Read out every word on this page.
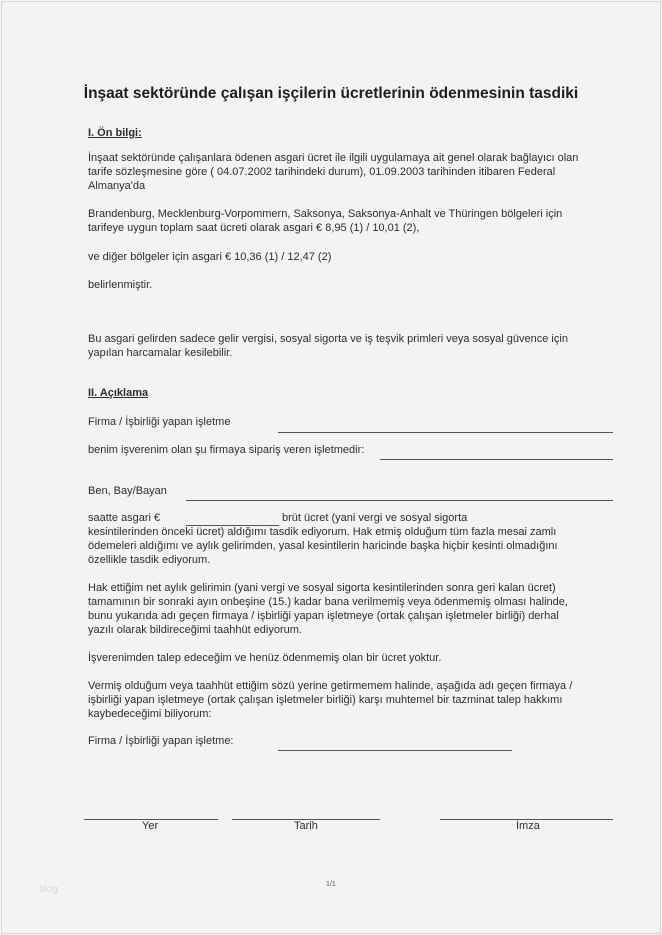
İnşaat sektöründe çalışan işçilerin ücretlerinin ödenmesinin tasdiki
I. Ön bilgi:
İnşaat sektöründe çalışanlara ödenen asgari ücret ile ilgili uygulamaya ait genel olarak bağlayıcı olan
tarife sözleşmesine göre ( 04.07.2002 tarihindeki durum), 01.09.2003 tarihinden itibaren Federal
Almanya'da
Brandenburg, Mecklenburg-Vorpommern, Saksonya, Saksonya-Anhalt ve Thüringen bölgeleri için
tarifeye uygun toplam saat ücreti olarak asgari € 8,95 (1) / 10,01 (2),
ve diğer bölgeler için asgari € 10,36 (1) / 12,47 (2)
belirlenmiştir.
Bu asgari gelirden sadece gelir vergisi, sosyal sigorta ve iş teşvik primleri veya sosyal güvence için
yapılan harcamalar kesilebilir.
II. Açıklama
Firma / İşbirliği yapan işletme
benim işverenim olan şu firmaya sipariş veren işletmedir:
Ben, Bay/Bayan
saatte asgari €
kesintilerinden önceki ücret) aldığımı tasdik ediyorum. Hak etmiş olduğum tüm fazla mesai zamlı
ödemeleri aldığımı ve aylık gelirimden, yasal kesintilerin haricinde başka hiçbir kesinti olmadığını
özellikle tasdik ediyorum.
brüt ücret (yani vergi ve sosyal sigorta
Hak ettiğim net aylık gelirimin (yani vergi ve sosyal sigorta kesintilerinden sonra geri kalan ücret)
tamamının bir sonraki ayın onbeşine (15.) kadar bana verilmemiş veya ödenmemiş olması halinde,
bunu yukarıda adı geçen firmaya / işbirliği yapan işletmeye (ortak çalışan işletmeler birliği) derhal
yazılı olarak bildireceğimi taahhüt ediyorum.
İşverenimden talep edeceğim ve henüz ödenmemiş olan bir ücret yoktur.
Vermiş olduğum veya taahhüt ettiğim sözü yerine getirmemem halinde, aşağıda adı geçen firmaya /
işbirliği yapan işletmeye (ortak çalışan işletmeler birliği) karşı muhtemel bir tazminat talep hakkımı
kaybedeceğimi biliyorum:
Firma / İşbirliği yapan işletme:
Yer	Tarih	İmza
1/1
blog
